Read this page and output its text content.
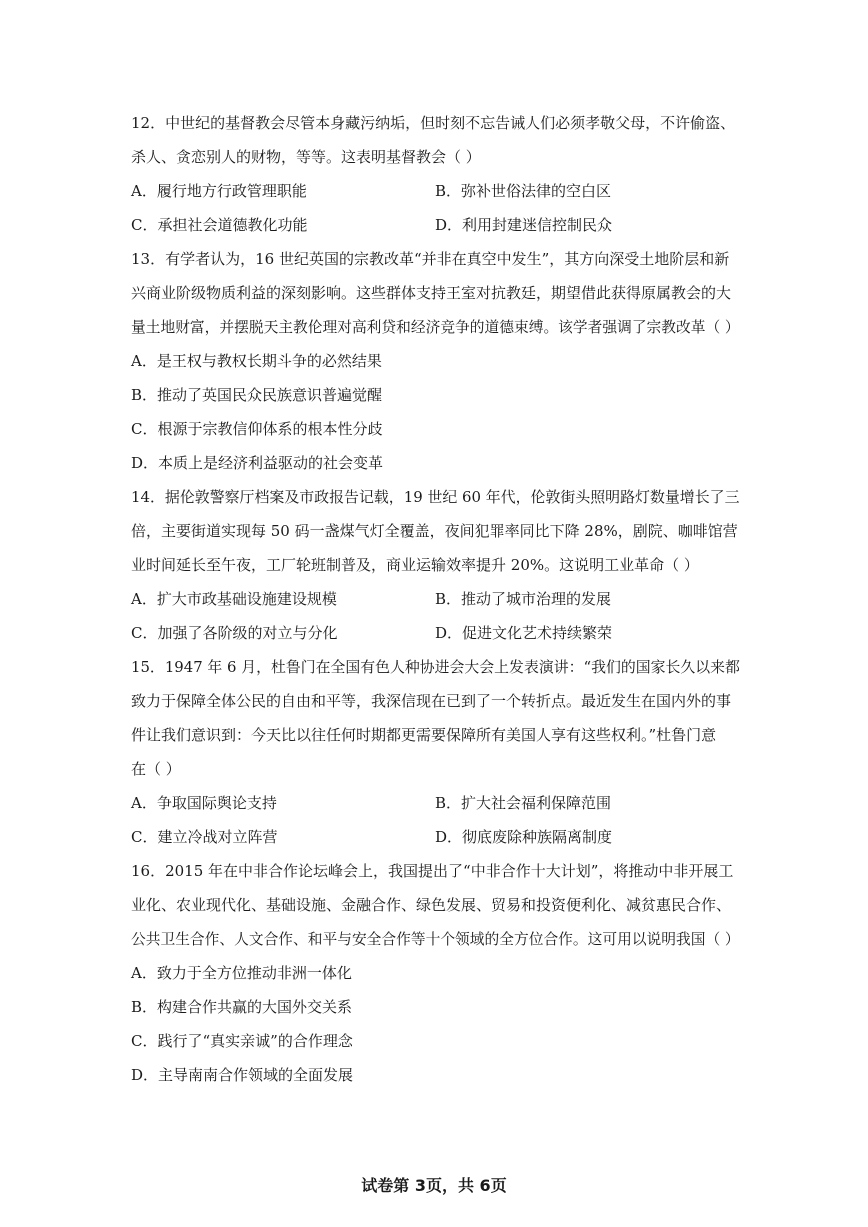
12．中世纪的基督教会尽管本身藏污纳垢，但时刻不忘告诫人们必须孝敬父母，不许偷盗、
杀人、贪恋别人的财物，等等。这表明基督教会（ ）
A．履行地方行政管理职能	B．弥补世俗法律的空白区
C．承担社会道德教化功能	D．利用封建迷信控制民众
13．有学者认为，16 世纪英国的宗教改革“并非在真空中发生”，其方向深受土地阶层和新
兴商业阶级物质利益的深刻影响。这些群体支持王室对抗教廷，期望借此获得原属教会的大
量土地财富，并摆脱天主教伦理对高利贷和经济竞争的道德束缚。该学者强调了宗教改革（ ）
A．是王权与教权长期斗争的必然结果
B．推动了英国民众民族意识普遍觉醒
C．根源于宗教信仰体系的根本性分歧
D．本质上是经济利益驱动的社会变革
14．据伦敦警察厅档案及市政报告记载，19 世纪 60 年代，伦敦街头照明路灯数量增长了三
倍，主要街道实现每 50 码一盏煤气灯全覆盖，夜间犯罪率同比下降 28%，剧院、咖啡馆营
业时间延长至午夜，工厂轮班制普及，商业运输效率提升 20%。这说明工业革命（ ）
A．扩大市政基础设施建设规模	B．推动了城市治理的发展
C．加强了各阶级的对立与分化	D．促进文化艺术持续繁荣
15．1947 年 6 月，杜鲁门在全国有色人种协进会大会上发表演讲：“我们的国家长久以来都
致力于保障全体公民的自由和平等，我深信现在已到了一个转折点。最近发生在国内外的事
件让我们意识到：今天比以往任何时期都更需要保障所有美国人享有这些权利。”杜鲁门意
在（ ）
A．争取国际舆论支持	B．扩大社会福利保障范围
C．建立冷战对立阵营	D．彻底废除种族隔离制度
16．2015 年在中非合作论坛峰会上，我国提出了“中非合作十大计划”，将推动中非开展工
业化、农业现代化、基础设施、金融合作、绿色发展、贸易和投资便利化、减贫惠民合作、
公共卫生合作、人文合作、和平与安全合作等十个领域的全方位合作。这可用以说明我国（ ）
A．致力于全方位推动非洲一体化
B．构建合作共赢的大国外交关系
C．践行了“真实亲诚”的合作理念
D．主导南南合作领域的全面发展
试卷第 3页，共 6页
